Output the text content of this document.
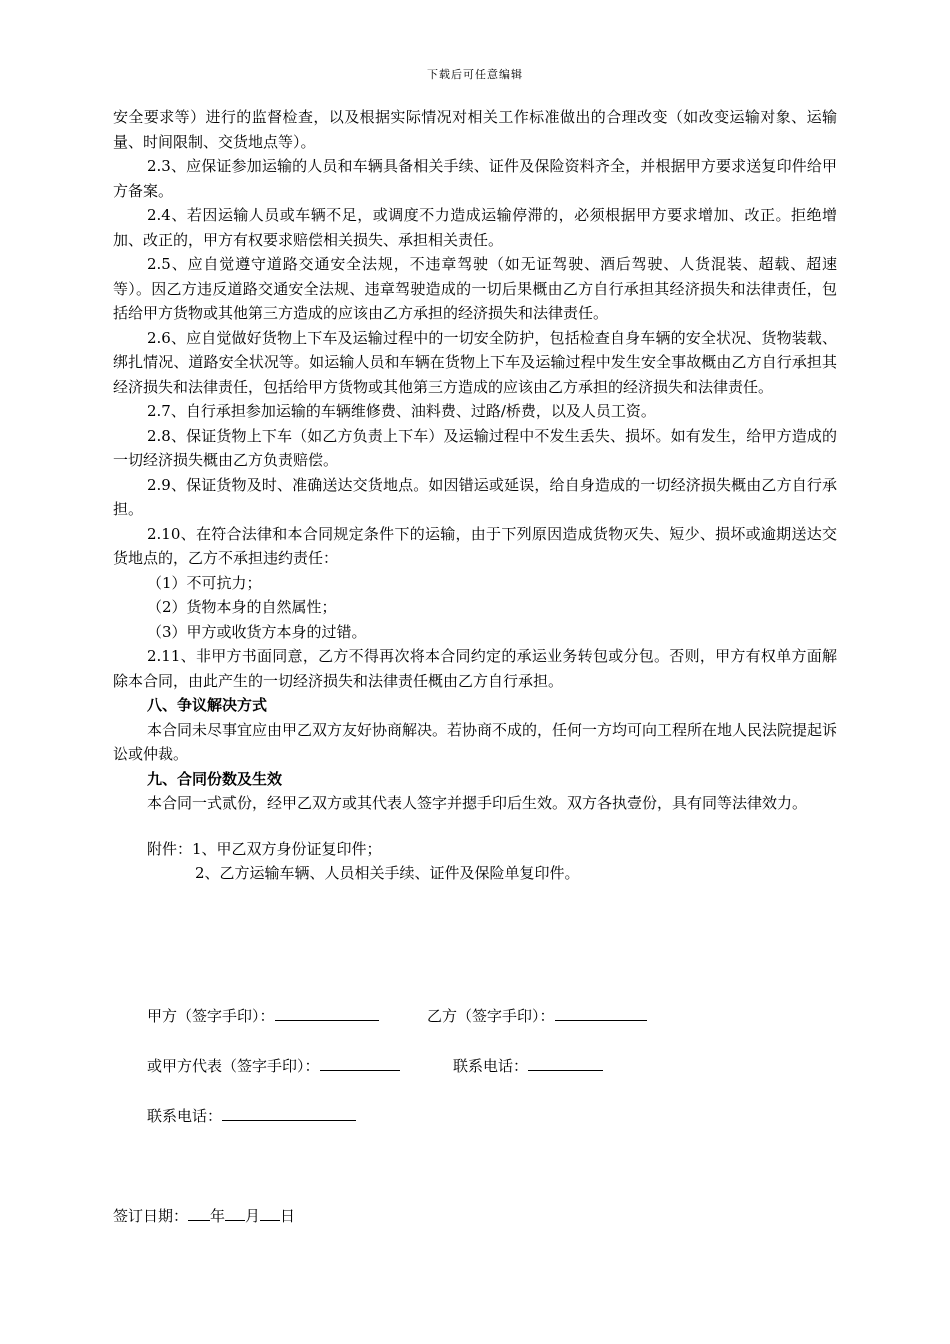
下载后可任意编辑

安全要求等）进行的监督检查，以及根据实际情况对相关工作标准做出的合理改变（如改变运输对象、运输量、时间限制、交货地点等）。

2.3、应保证参加运输的人员和车辆具备相关手续、证件及保险资料齐全，并根据甲方要求送复印件给甲方备案。

2.4、若因运输人员或车辆不足，或调度不力造成运输停滞的，必须根据甲方要求增加、改正。拒绝增加、改正的，甲方有权要求赔偿相关损失、承担相关责任。

2.5、应自觉遵守道路交通安全法规，不违章驾驶（如无证驾驶、酒后驾驶、人货混装、超载、超速等）。因乙方违反道路交通安全法规、违章驾驶造成的一切后果概由乙方自行承担其经济损失和法律责任，包括给甲方货物或其他第三方造成的应该由乙方承担的经济损失和法律责任。

2.6、应自觉做好货物上下车及运输过程中的一切安全防护，包括检查自身车辆的安全状况、货物装载、绑扎情况、道路安全状况等。如运输人员和车辆在货物上下车及运输过程中发生安全事故概由乙方自行承担其经济损失和法律责任，包括给甲方货物或其他第三方造成的应该由乙方承担的经济损失和法律责任。

2.7、自行承担参加运输的车辆维修费、油料费、过路/桥费，以及人员工资。

2.8、保证货物上下车（如乙方负责上下车）及运输过程中不发生丢失、损坏。如有发生，给甲方造成的一切经济损失概由乙方负责赔偿。

2.9、保证货物及时、准确送达交货地点。如因错运或延误，给自身造成的一切经济损失概由乙方自行承担。

2.10、在符合法律和本合同规定条件下的运输，由于下列原因造成货物灭失、短少、损坏或逾期送达交货地点的，乙方不承担违约责任：

（1）不可抗力；

（2）货物本身的自然属性；

（3）甲方或收货方本身的过错。

2.11、非甲方书面同意，乙方不得再次将本合同约定的承运业务转包或分包。否则，甲方有权单方面解除本合同，由此产生的一切经济损失和法律责任概由乙方自行承担。

八、争议解决方式

本合同未尽事宜应由甲乙双方友好协商解决。若协商不成的，任何一方均可向工程所在地人民法院提起诉讼或仲裁。

九、合同份数及生效

本合同一式贰份，经甲乙双方或其代表人签字并摁手印后生效。双方各执壹份，具有同等法律效力。

附件：1、甲乙双方身份证复印件；

2、乙方运输车辆、人员相关手续、证件及保险单复印件。

甲方（签字手印）：	乙方（签字手印）：
或甲方代表（签字手印）：	联系电话：
联系电话：
签订日期： 年 月 日
